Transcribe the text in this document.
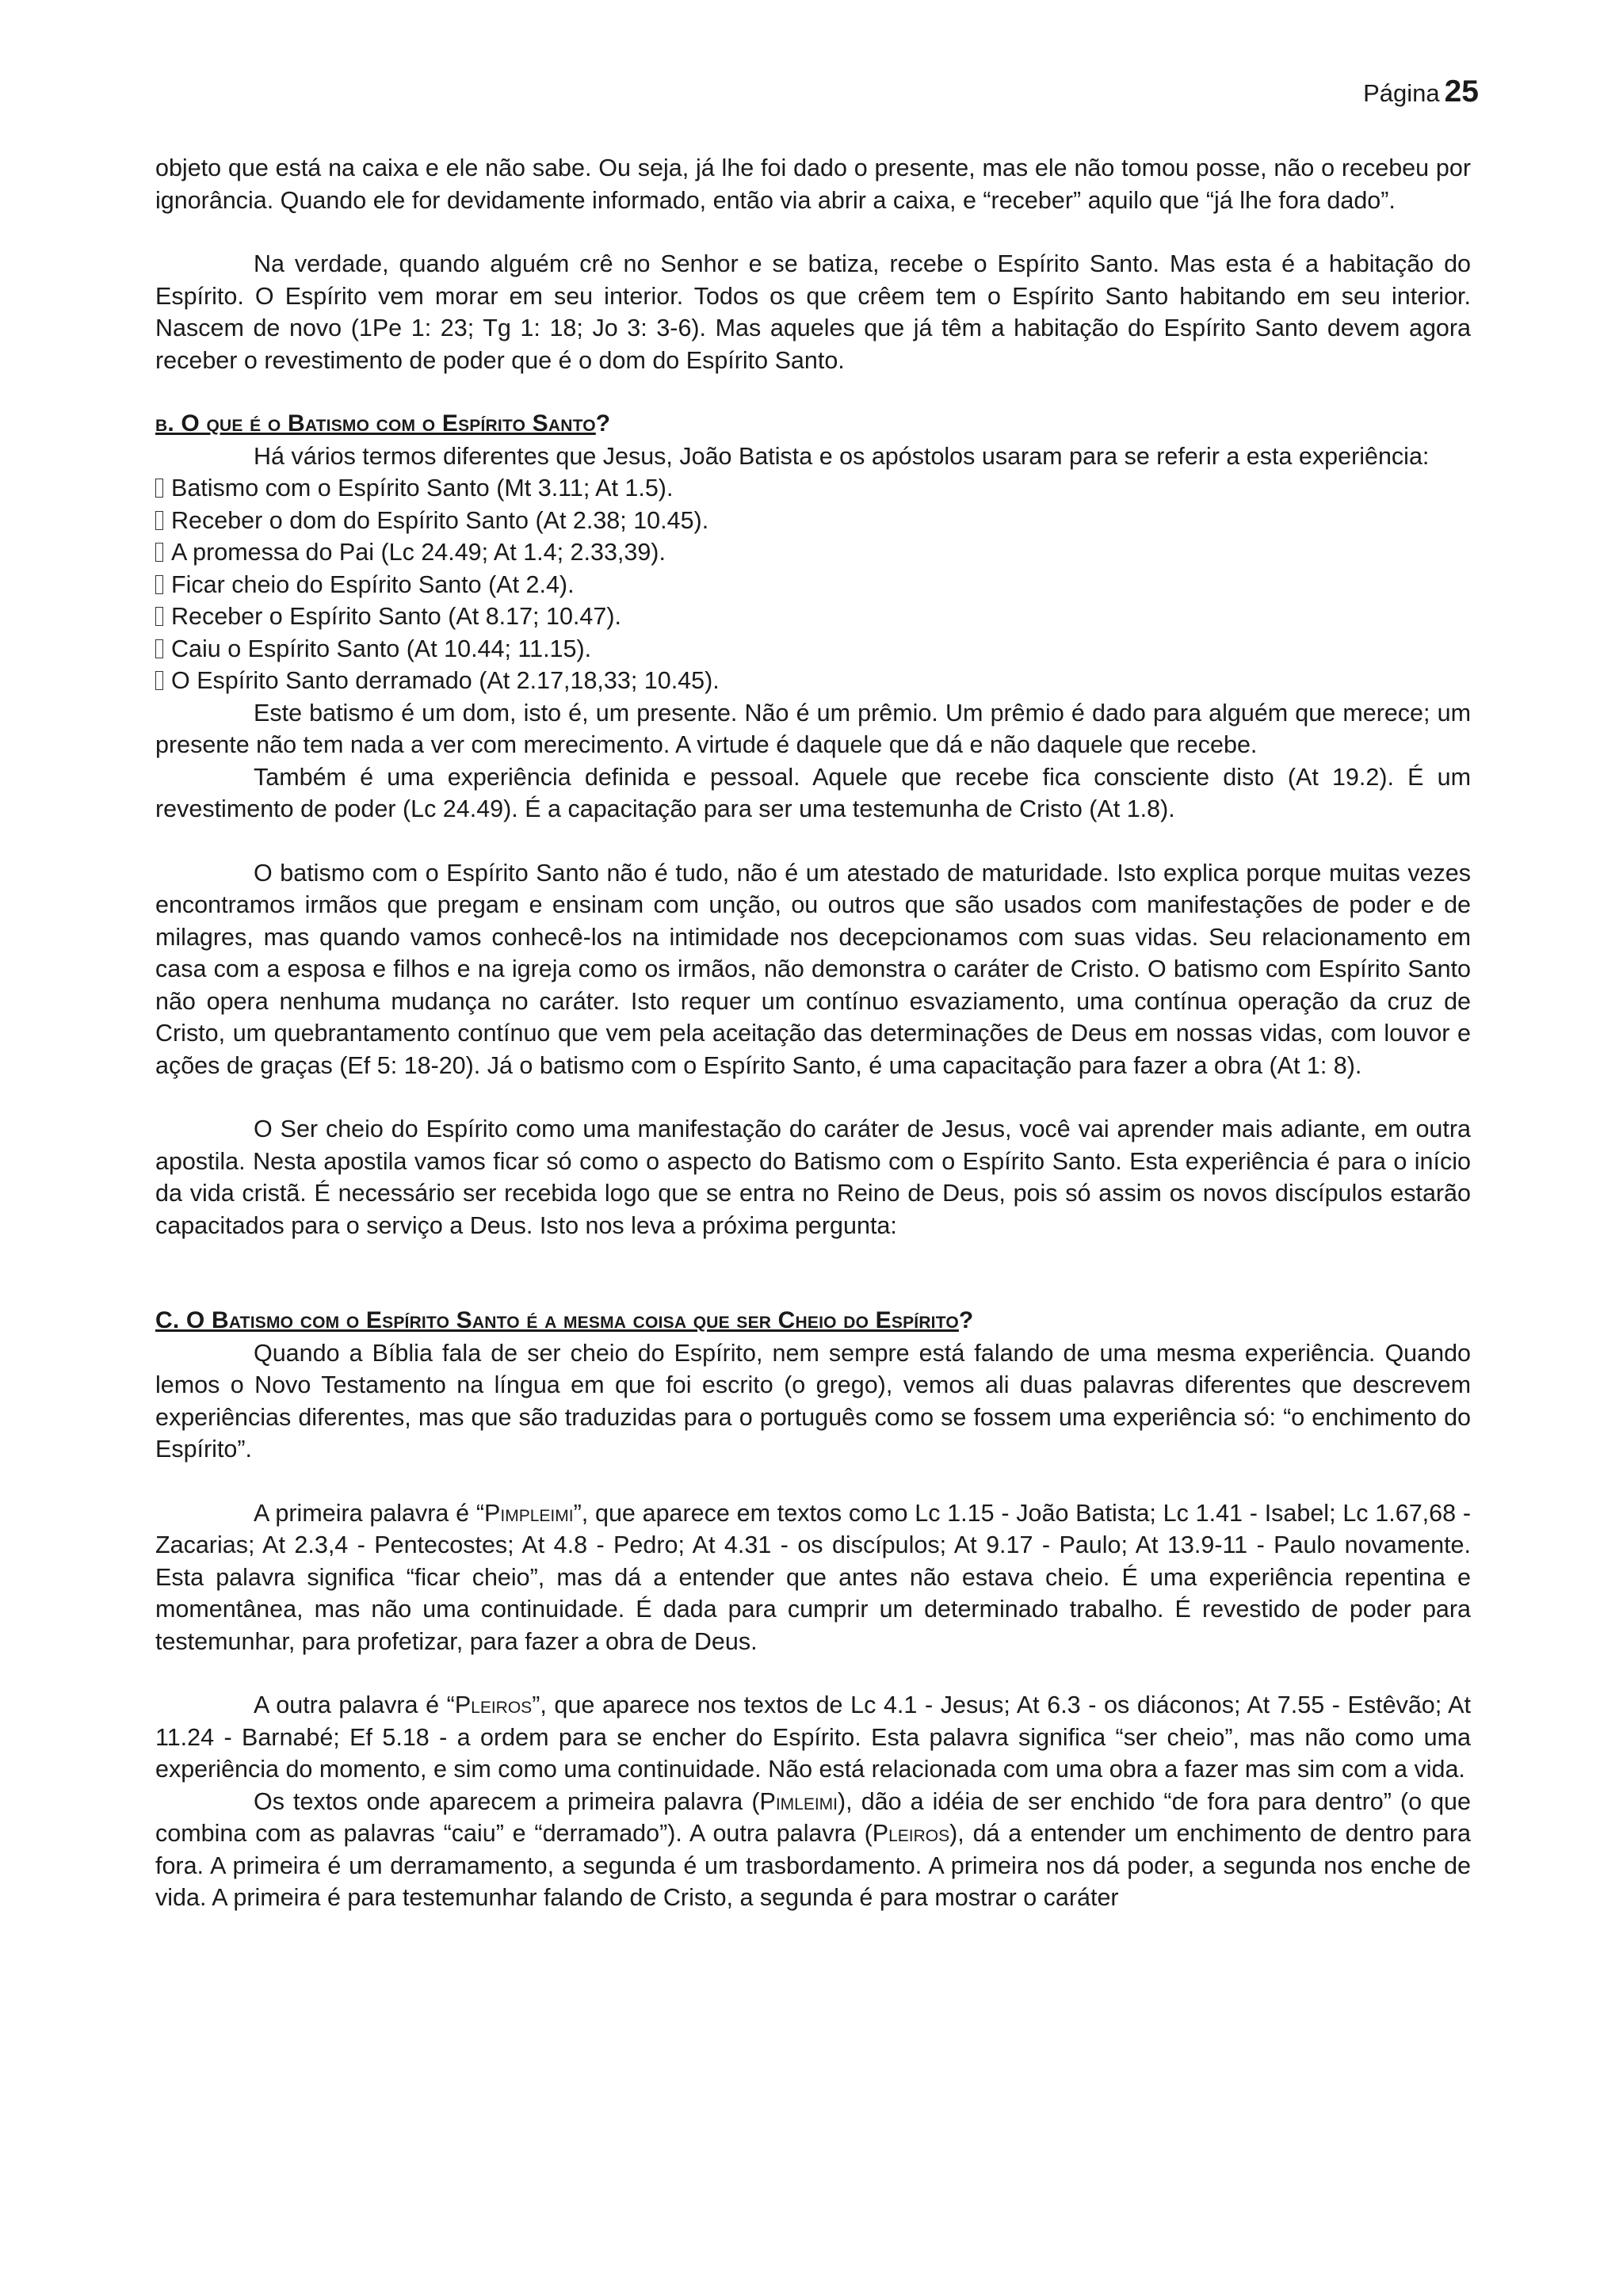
Página 25

objeto que está na caixa e ele não sabe. Ou seja, já lhe foi dado o presente, mas ele não tomou posse, não o recebeu por ignorância. Quando ele for devidamente informado, então via abrir a caixa, e “receber” aquilo que “já lhe fora dado”.

Na verdade, quando alguém crê no Senhor e se batiza, recebe o Espírito Santo. Mas esta é a habitação do Espírito. O Espírito vem morar em seu interior. Todos os que crêem tem o Espírito Santo habitando em seu interior. Nascem de novo (1Pe 1: 23; Tg 1: 18; Jo 3: 3-6). Mas aqueles que já têm a habitação do Espírito Santo devem agora receber o revestimento de poder que é o dom do Espírito Santo.

b. O que é o Batismo com o Espírito Santo?

Há vários termos diferentes que Jesus, João Batista e os apóstolos usaram para se referir a esta experiência:

Batismo com o Espírito Santo (Mt 3.11; At 1.5).
Receber o dom do Espírito Santo (At 2.38; 10.45).
A promessa do Pai (Lc 24.49; At 1.4; 2.33,39).
Ficar cheio do Espírito Santo (At 2.4).
Receber o Espírito Santo (At 8.17; 10.47).
Caiu o Espírito Santo (At 10.44; 11.15).
O Espírito Santo derramado (At 2.17,18,33; 10.45).

Este batismo é um dom, isto é, um presente. Não é um prêmio. Um prêmio é dado para alguém que merece; um presente não tem nada a ver com merecimento. A virtude é daquele que dá e não daquele que recebe.

Também é uma experiência definida e pessoal. Aquele que recebe fica consciente disto (At 19.2). É um revestimento de poder (Lc 24.49). É a capacitação para ser uma testemunha de Cristo (At 1.8).

O batismo com o Espírito Santo não é tudo, não é um atestado de maturidade. Isto explica porque muitas vezes encontramos irmãos que pregam e ensinam com unção, ou outros que são usados com manifestações de poder e de milagres, mas quando vamos conhecê-los na intimidade nos decepcionamos com suas vidas. Seu relacionamento em casa com a esposa e filhos e na igreja como os irmãos, não demonstra o caráter de Cristo. O batismo com Espírito Santo não opera nenhuma mudança no caráter. Isto requer um contínuo esvaziamento, uma contínua operação da cruz de Cristo, um quebrantamento contínuo que vem pela aceitação das determinações de Deus em nossas vidas, com louvor e ações de graças (Ef 5: 18-20). Já o batismo com o Espírito Santo, é uma capacitação para fazer a obra (At 1: 8).

O Ser cheio do Espírito como uma manifestação do caráter de Jesus, você vai aprender mais adiante, em outra apostila. Nesta apostila vamos ficar só como o aspecto do Batismo com o Espírito Santo. Esta experiência é para o início da vida cristã. É necessário ser recebida logo que se entra no Reino de Deus, pois só assim os novos discípulos estarão capacitados para o serviço a Deus. Isto nos leva a próxima pergunta:

C. O Batismo com o Espírito Santo é a mesma coisa que ser Cheio do Espírito?

Quando a Bíblia fala de ser cheio do Espírito, nem sempre está falando de uma mesma experiência. Quando lemos o Novo Testamento na língua em que foi escrito (o grego), vemos ali duas palavras diferentes que descrevem experiências diferentes, mas que são traduzidas para o português como se fossem uma experiência só: “o enchimento do Espírito”.

A primeira palavra é “Pimpleimi”, que aparece em textos como Lc 1.15 - João Batista; Lc 1.41 - Isabel; Lc 1.67,68 - Zacarias; At 2.3,4 - Pentecostes; At 4.8 - Pedro; At 4.31 - os discípulos; At 9.17 - Paulo; At 13.9-11 - Paulo novamente. Esta palavra significa “ficar cheio”, mas dá a entender que antes não estava cheio. É uma experiência repentina e momentânea, mas não uma continuidade. É dada para cumprir um determinado trabalho. É revestido de poder para testemunhar, para profetizar, para fazer a obra de Deus.

A outra palavra é “Pleiros”, que aparece nos textos de Lc 4.1 - Jesus; At 6.3 - os diáconos; At 7.55 - Estêvão; At 11.24 - Barnabé; Ef 5.18 - a ordem para se encher do Espírito. Esta palavra significa “ser cheio”, mas não como uma experiência do momento, e sim como uma continuidade. Não está relacionada com uma obra a fazer mas sim com a vida.

Os textos onde aparecem a primeira palavra (Pimleimi), dão a idéia de ser enchido “de fora para dentro” (o que combina com as palavras “caiu” e “derramado”). A outra palavra (Pleiros), dá a entender um enchimento de dentro para fora. A primeira é um derramamento, a segunda é um trasbordamento. A primeira nos dá poder, a segunda nos enche de vida. A primeira é para testemunhar falando de Cristo, a segunda é para mostrar o caráter
